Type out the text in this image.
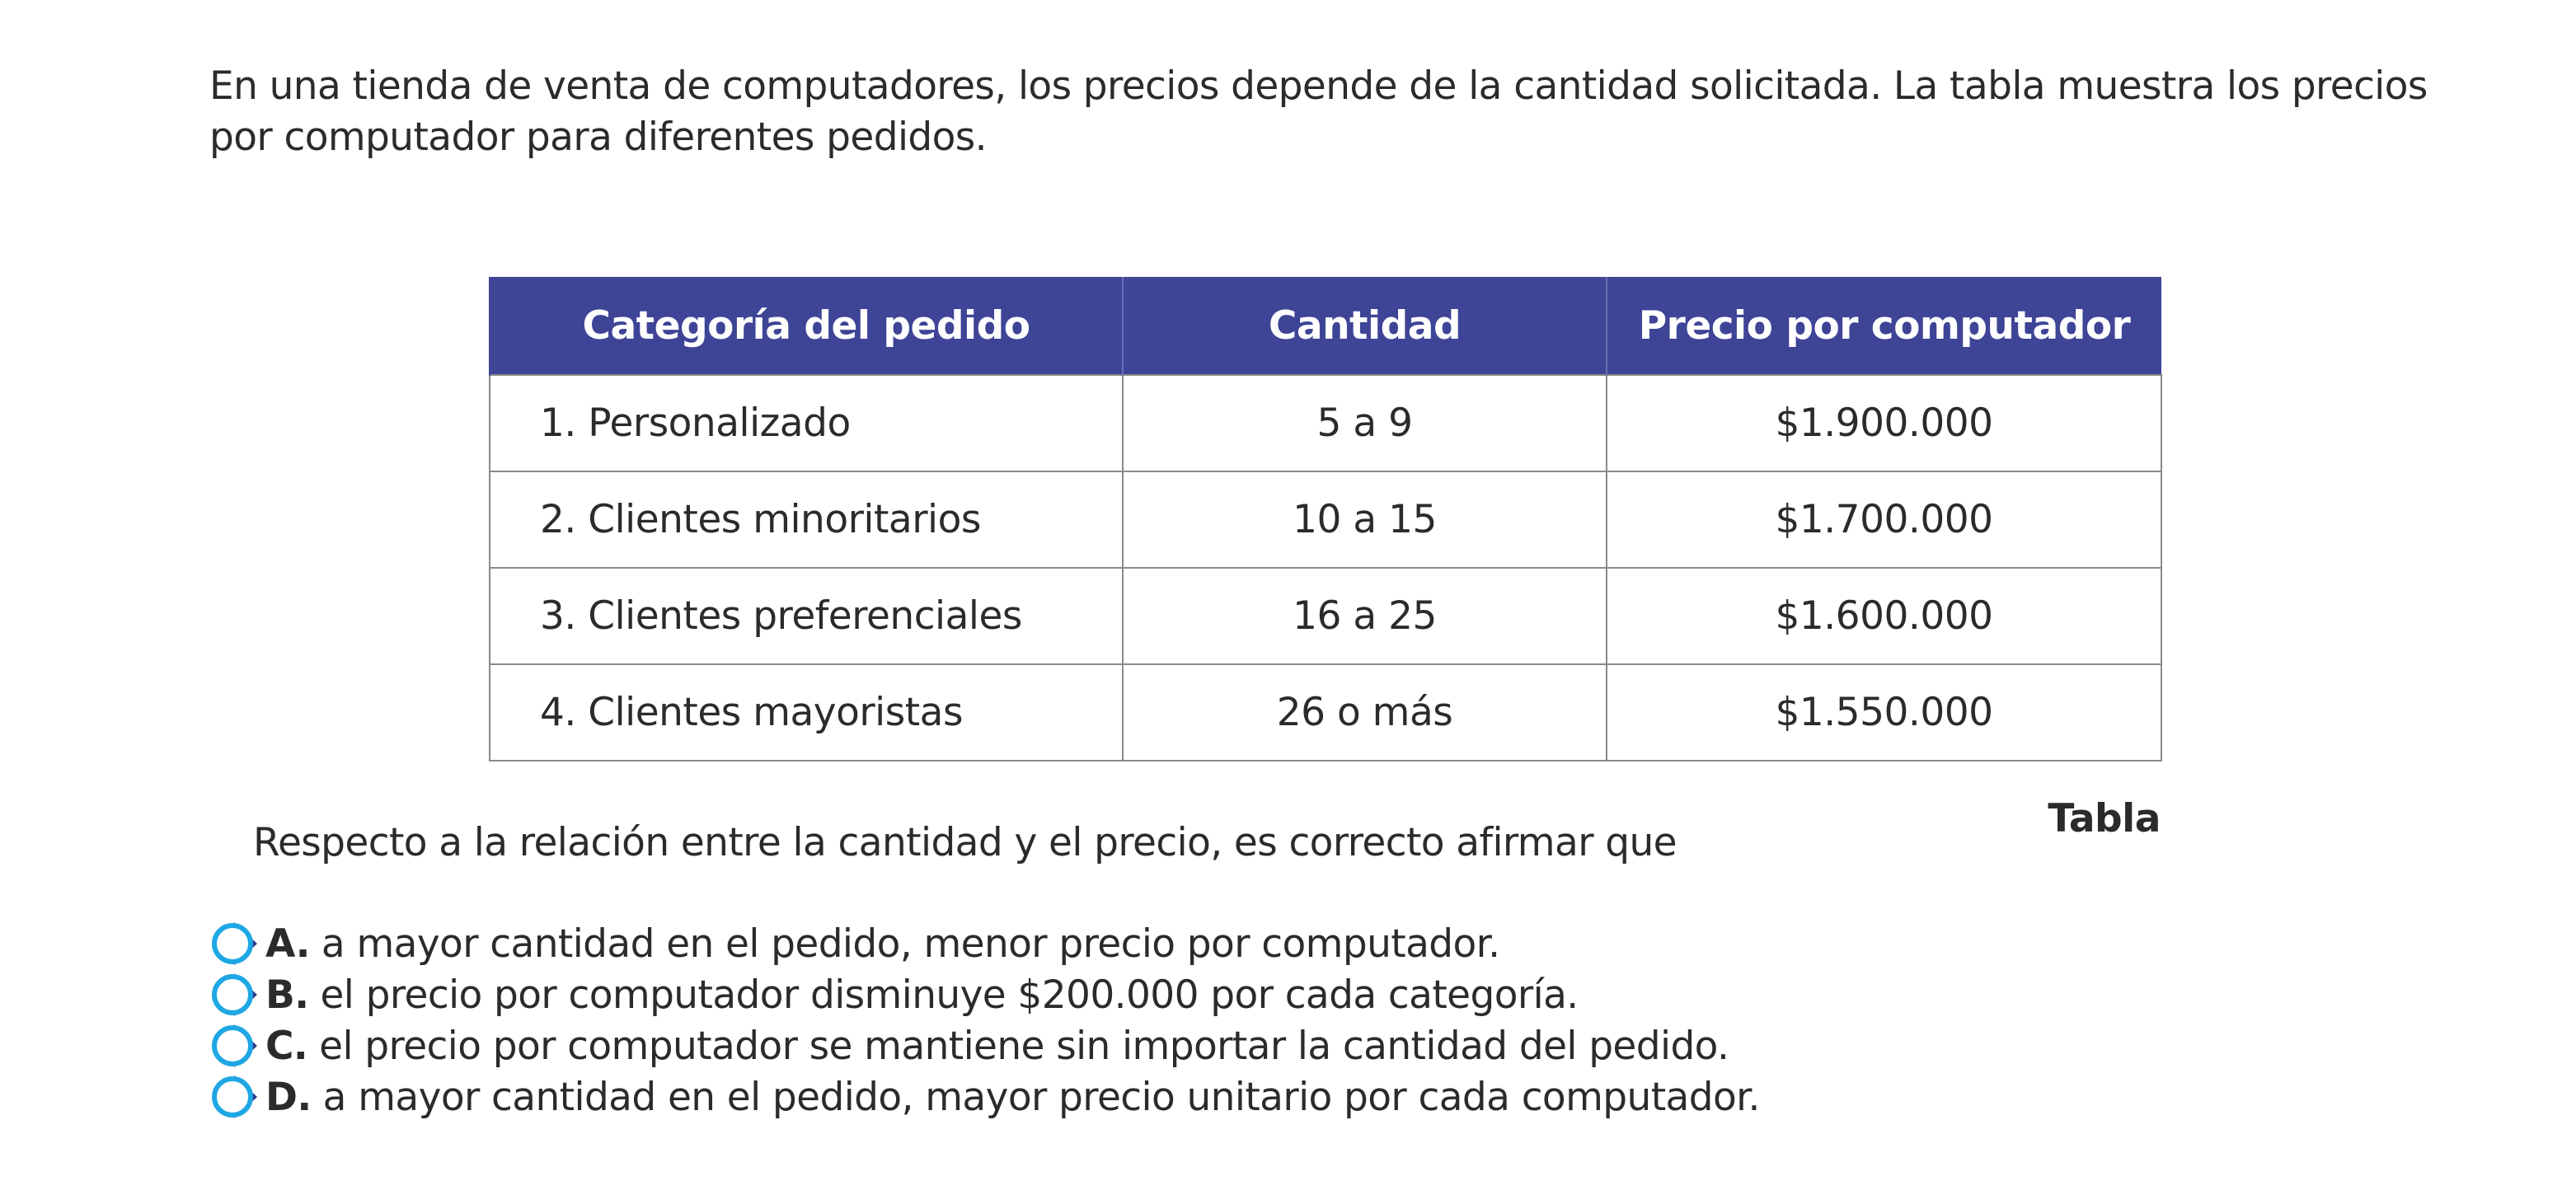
En una tienda de venta de computadores, los precios depende de la cantidad solicitada. La tabla muestra los precios por computador para diferentes pedidos.

Categoría del pedido	Cantidad	Precio por computador
1. Personalizado	5 a 9	$1.900.000
2. Clientes minoritarios	10 a 15	$1.700.000
3. Clientes preferenciales	16 a 25	$1.600.000
4. Clientes mayoristas	26 o más	$1.550.000

Tabla

Respecto a la relación entre la cantidad y el precio, es correcto afirmar que

A. a mayor cantidad en el pedido, menor precio por computador.
B. el precio por computador disminuye $200.000 por cada categoría.
C. el precio por computador se mantiene sin importar la cantidad del pedido.
D. a mayor cantidad en el pedido, mayor precio unitario por cada computador.
